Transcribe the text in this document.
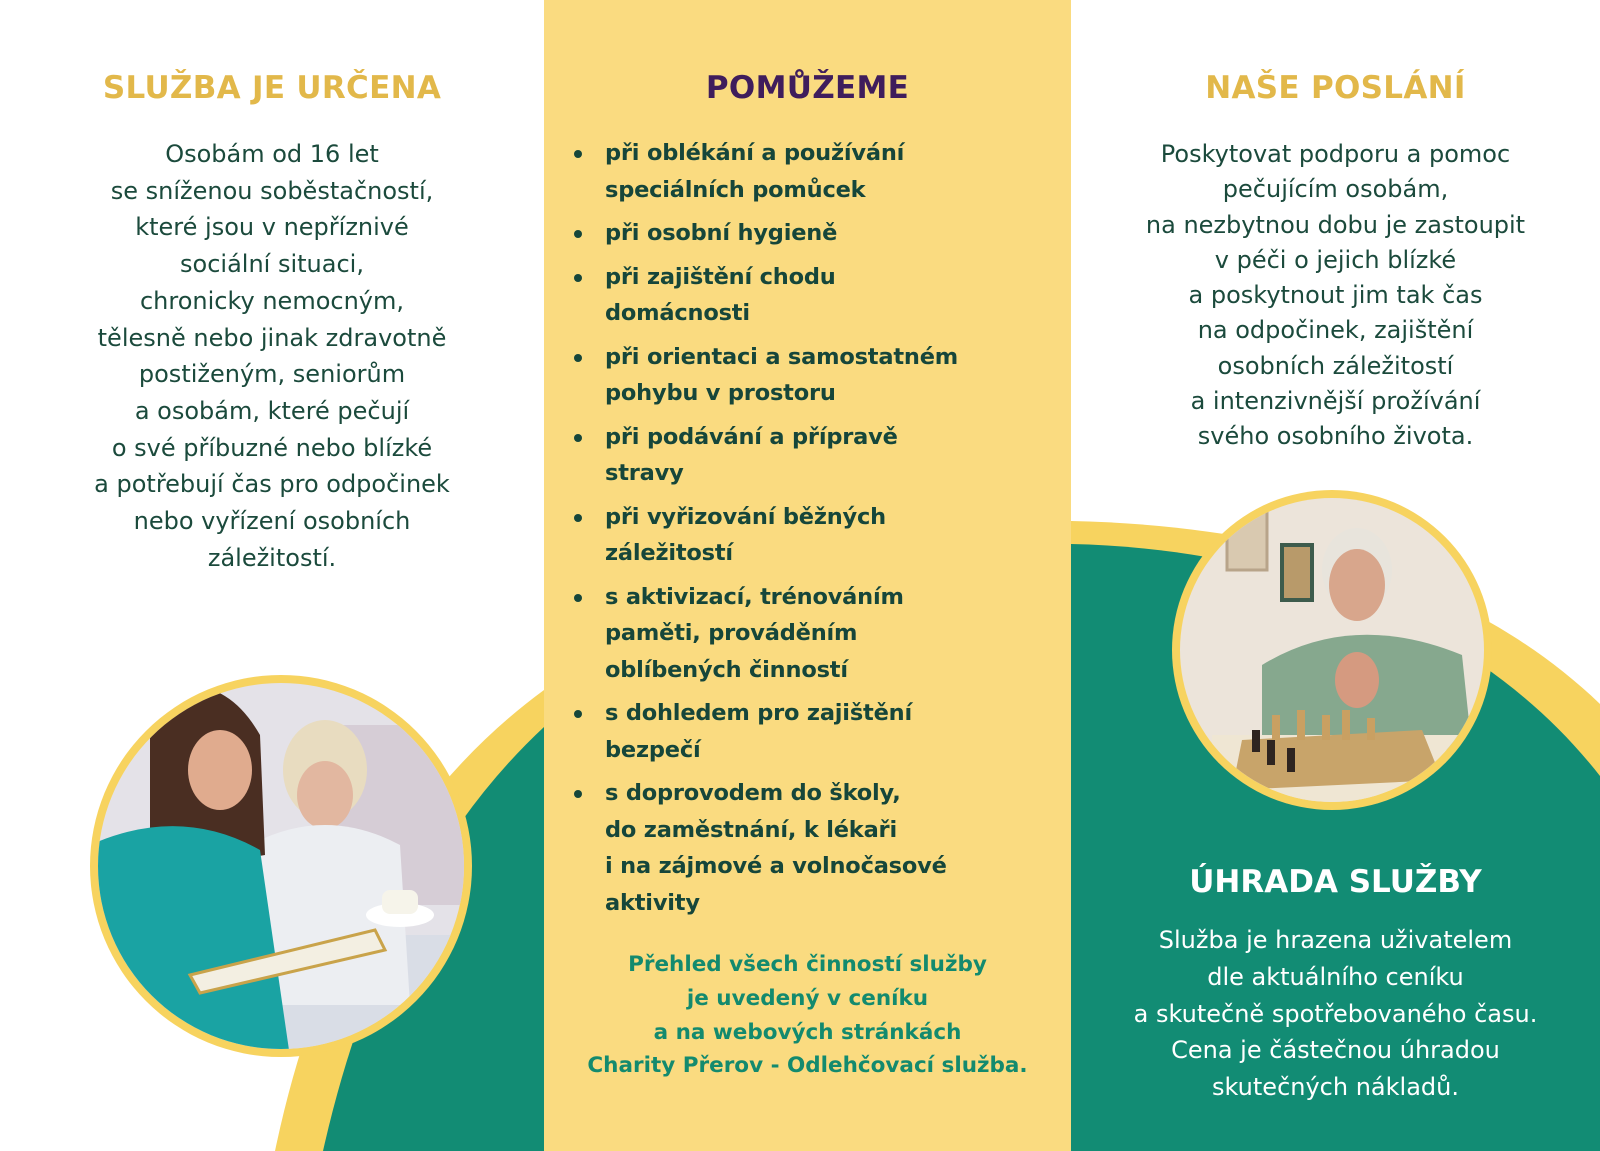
SLUŽBA JE URČENA
Osobám od 16 let
se sníženou soběstačností,
které jsou v nepříznivé
sociální situaci,
chronicky nemocným,
tělesně nebo jinak zdravotně
postiženým, seniorům
a osobám, které pečují
o své příbuzné nebo blízké
a potřebují čas pro odpočinek
nebo vyřízení osobních
záležitostí.
POMŮŽEME
při oblékání a používání
speciálních pomůcek
při osobní hygieně
při zajištění chodu
domácnosti
při orientaci a samostatném
pohybu v prostoru
při podávání a přípravě
stravy
při vyřizování běžných
záležitostí
s aktivizací, trénováním
paměti, prováděním
oblíbených činností
s dohledem pro zajištění
bezpečí
s doprovodem do školy,
do zaměstnání, k lékaři
i na zájmové a volnočasové
aktivity
Přehled všech činností služby
je uvedený v ceníku
a na webových stránkách
Charity Přerov - Odlehčovací služba.
NAŠE POSLÁNÍ
Poskytovat podporu a pomoc
pečujícím osobám,
na nezbytnou dobu je zastoupit
v péči o jejich blízké
a poskytnout jim tak čas
na odpočinek, zajištění
osobních záležitostí
a intenzivnější prožívání
svého osobního života.
ÚHRADA SLUŽBY
Služba je hrazena uživatelem
dle aktuálního ceníku
a skutečně spotřebovaného času.
Cena je částečnou úhradou
skutečných nákladů.
